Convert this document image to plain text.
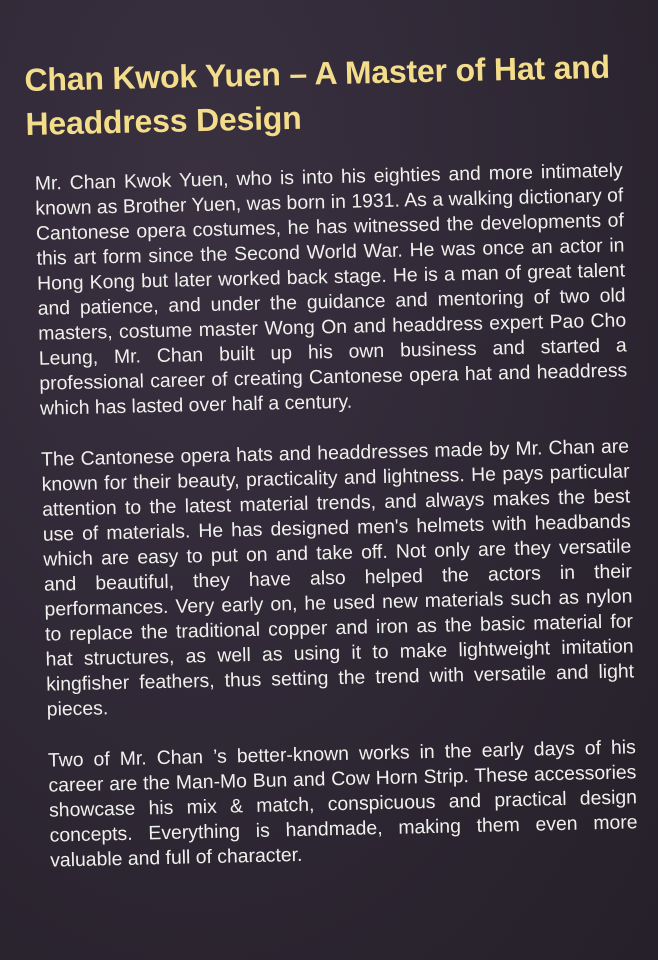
Chan Kwok Yuen – A Master of Hat and Headdress Design

Mr. Chan Kwok Yuen, who is into his eighties and more intimately known as Brother Yuen, was born in 1931. As a walking dictionary of Cantonese opera costumes, he has witnessed the developments of this art form since the Second World War. He was once an actor in Hong Kong but later worked back stage. He is a man of great talent and patience, and under the guidance and mentoring of two old masters, costume master Wong On and headdress expert Pao Cho Leung, Mr. Chan built up his own business and started a professional career of creating Cantonese opera hat and headdress which has lasted over half a century.

The Cantonese opera hats and headdresses made by Mr. Chan are known for their beauty, practicality and lightness. He pays particular attention to the latest material trends, and always makes the best use of materials. He has designed men's helmets with headbands which are easy to put on and take off. Not only are they versatile and beautiful, they have also helped the actors in their performances. Very early on, he used new materials such as nylon to replace the traditional copper and iron as the basic material for hat structures, as well as using it to make lightweight imitation kingfisher feathers, thus setting the trend with versatile and light pieces.

Two of Mr. Chan ’s better-known works in the early days of his career are the Man-Mo Bun and Cow Horn Strip. These accessories showcase his mix & match, conspicuous and practical design concepts. Everything is handmade, making them even more valuable and full of character.
